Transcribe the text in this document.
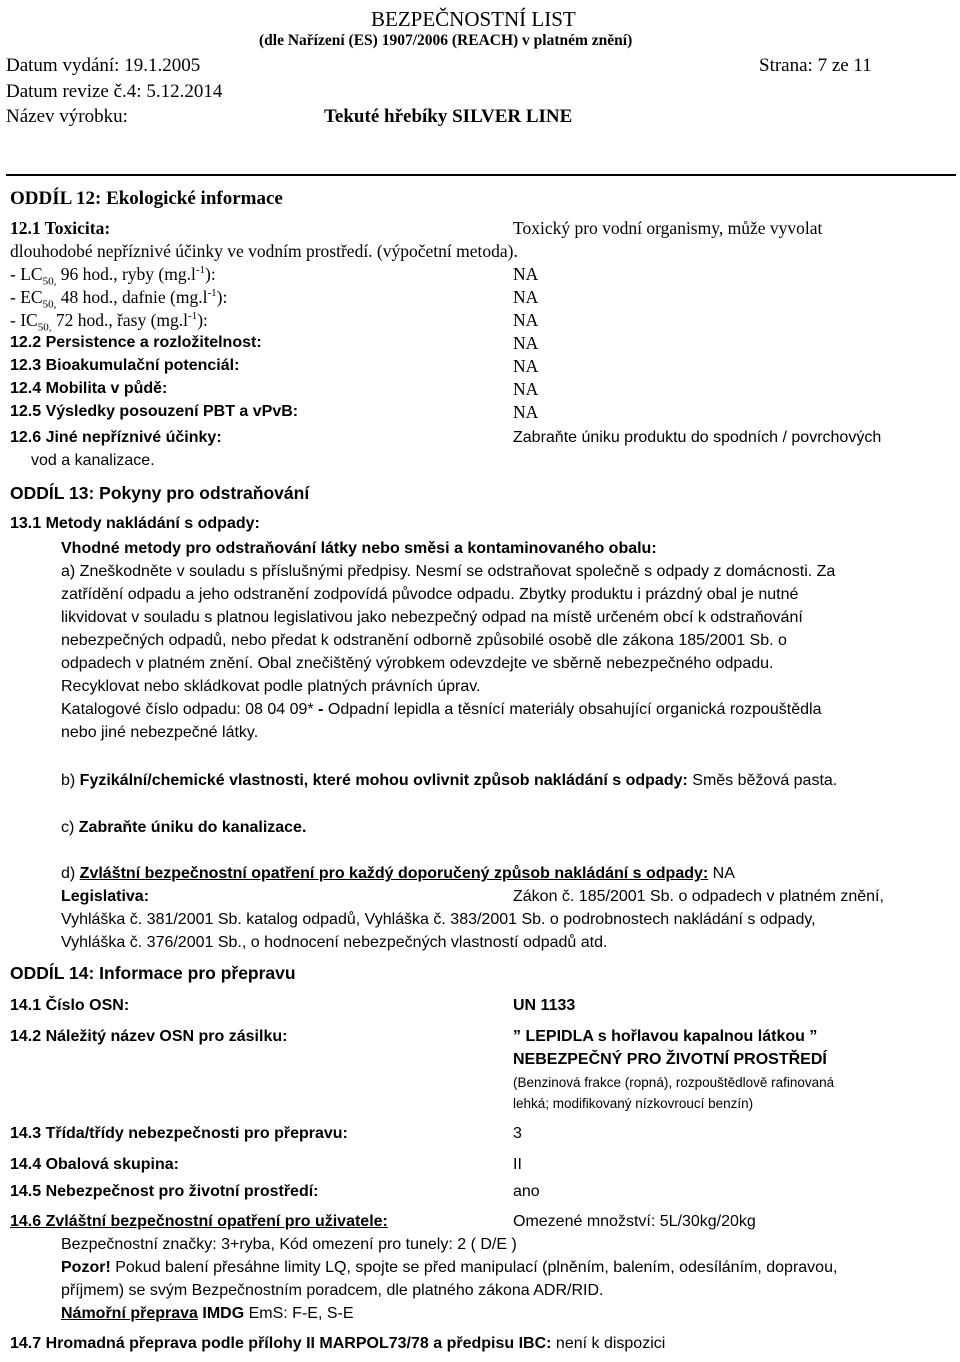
BEZPEČNOSTNÍ LIST
(dle Nařízení (ES) 1907/2006 (REACH) v platném znění)
Datum vydání: 19.1.2005	Strana: 7 ze 11
Datum revize č.4: 5.12.2014
Název výrobku:	Tekuté hřebíky SILVER LINE
ODDÍL 12: Ekologické informace
12.1 Toxicita:	Toxický pro vodní organismy, může vyvolat
dlouhodobé nepříznivé účinky ve vodním prostředí. (výpočetní metoda).
- $LC_{50,}$ 96 hod., ryby $(mg.l^{-1})$:	NA
- $EC_{50,}$ 48 hod., dafnie $(mg.l^{-1})$:	NA
- $IC_{50,}$ 72 hod., řasy $(mg.l^{-1})$:	NA
12.2 Persistence a rozložitelnost:	NA
12.3 Bioakumulační potenciál:	NA
12.4 Mobilita v půdě:	NA
12.5 Výsledky posouzení PBT a vPvB:	NA
12.6 Jiné nepříznivé účinky:	Zabraňte úniku produktu do spodních / povrchových
vod a kanalizace.
ODDÍL 13: Pokyny pro odstraňování
13.1 Metody nakládání s odpady:
Vhodné metody pro odstraňování látky nebo směsi a kontaminovaného obalu:
a) Zneškodněte v souladu s příslušnými předpisy. Nesmí se odstraňovat společně s odpady z domácnosti. Za
zatřídění odpadu a jeho odstranění zodpovídá původce odpadu. Zbytky produktu i prázdný obal je nutné
likvidovat v souladu s platnou legislativou jako nebezpečný odpad na místě určeném obcí k odstraňování
nebezpečných odpadů, nebo předat k odstranění odborně způsobilé osobě dle zákona 185/2001 Sb. o
odpadech v platném znění. Obal znečištěný výrobkem odevzdejte ve sběrně nebezpečného odpadu.
Recyklovat nebo skládkovat podle platných právních úprav.
Katalogové číslo odpadu: 08 04 09* - Odpadní lepidla a těsnící materiály obsahující organická rozpouštědla
nebo jiné nebezpečné látky.
b) Fyzikální/chemické vlastnosti, které mohou ovlivnit způsob nakládání s odpady: Směs běžová pasta.
c) Zabraňte úniku do kanalizace.
d) Zvláštní bezpečnostní opatření pro každý doporučený způsob nakládání s odpady: NA
Legislativa:	Zákon č. 185/2001 Sb. o odpadech v platném znění,
Vyhláška č. 381/2001 Sb. katalog odpadů, Vyhláška č. 383/2001 Sb. o podrobnostech nakládání s odpady,
Vyhláška č. 376/2001 Sb., o hodnocení nebezpečných vlastností odpadů atd.
ODDÍL 14: Informace pro přepravu
14.1 Číslo OSN:	UN 1133
14.2 Náležitý název OSN pro zásilku:	” LEPIDLA s hořlavou kapalnou látkou ”
NEBEZPEČNÝ PRO ŽIVOTNÍ PROSTŘEDÍ
(Benzinová frakce (ropná), rozpouštědlově rafinovaná
lehká; modifikovaný nízkovroucí benzín)
14.3 Třída/třídy nebezpečnosti pro přepravu:	3
14.4 Obalová skupina:	II
14.5 Nebezpečnost pro životní prostředí:	ano
14.6 Zvláštní bezpečnostní opatření pro uživatele:	Omezené množství: 5L/30kg/20kg
Bezpečnostní značky: 3+ryba, Kód omezení pro tunely: 2 ( D/E )
Pozor! Pokud balení přesáhne limity LQ, spojte se před manipulací (plněním, balením, odesíláním, dopravou,
příjmem) se svým Bezpečnostním poradcem, dle platného zákona ADR/RID.
Námořní přeprava IMDG EmS: F-E, S-E
14.7 Hromadná přeprava podle přílohy II MARPOL73/78 a předpisu IBC: není k dispozici
